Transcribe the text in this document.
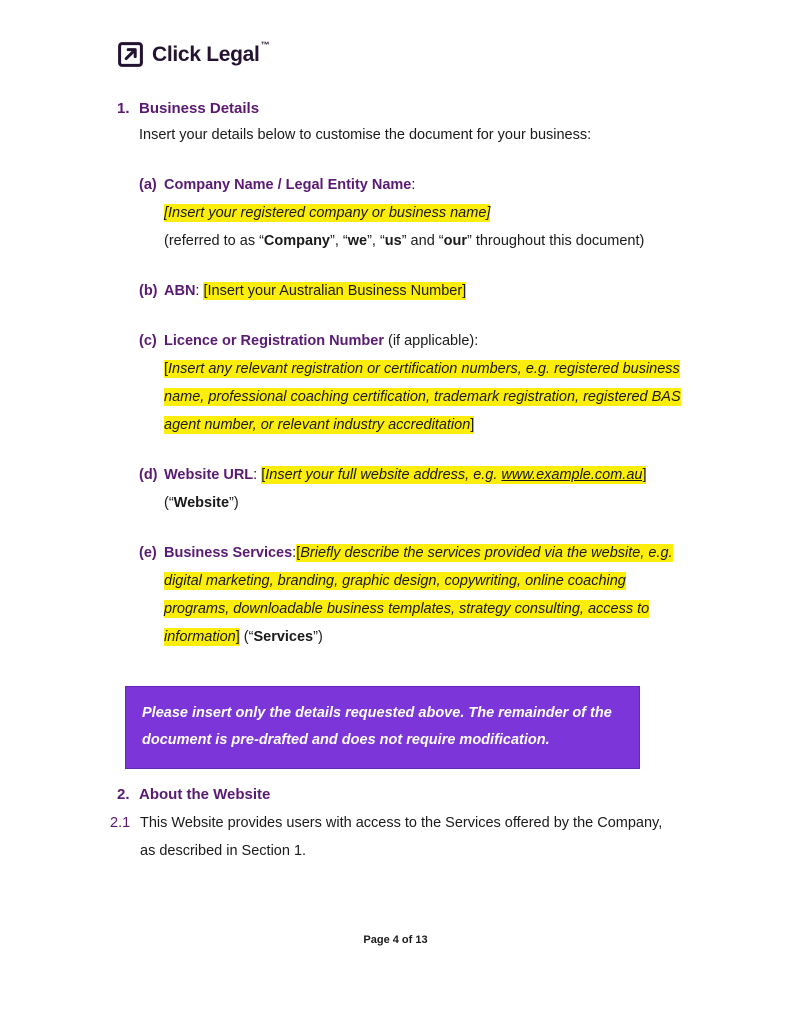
Click Legal™
1. Business Details
Insert your details below to customise the document for your business:
(a) Company Name / Legal Entity Name:

[Insert your registered company or business name]

(referred to as “Company”, “we”, “us” and “our” throughout this document)

(b) ABN: [Insert your Australian Business Number]

(c) Licence or Registration Number (if applicable):

[Insert any relevant registration or certification numbers, e.g. registered business name, professional coaching certification, trademark registration, registered BAS agent number, or relevant industry accreditation]

(d) Website URL: [Insert your full website address, e.g. www.example.com.au] (“Website”)

(e) Business Services:[Briefly describe the services provided via the website, e.g. digital marketing, branding, graphic design, copywriting, online coaching programs, downloadable business templates, strategy consulting, access to information] (“Services”)

Please insert only the details requested above. The remainder of the document is pre-drafted and does not require modification.
2. About the Website
2.1 This Website provides users with access to the Services offered by the Company, as described in Section 1.
Page 4 of 13
